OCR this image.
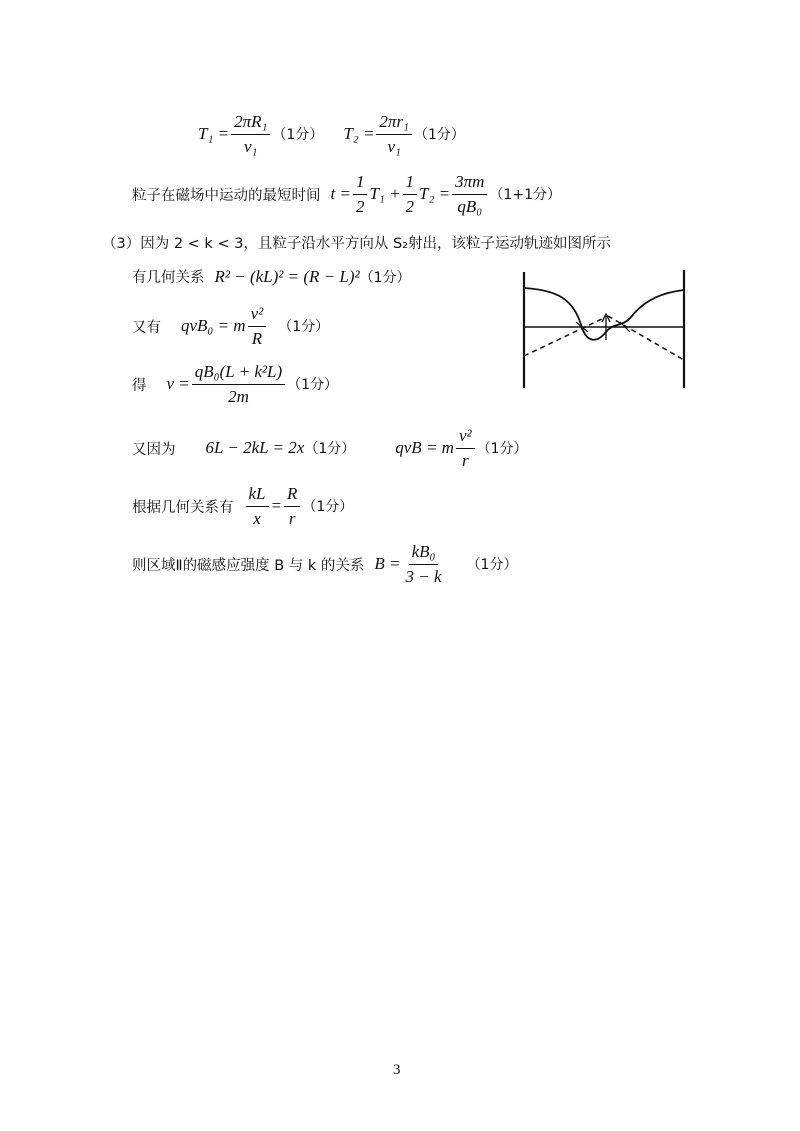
$T_1 = \frac{\text{2πR₁}}{\text{v₁}} (1$分） $T_2 = \frac{\text{2πr₁}}{\text{v₁}} (1$分）
粒子在磁场中运动的最短时间 $t = \frac{1}{2} T_1 + \frac{1}{2} T_2 = \frac{3\pi m}{\text{qB₀}} (1+1$分）
（3） 因为 2 < k < 3，且粒子沿水平方向从 S₂射出，该粒子运动轨迹如图所示
有几何关系 R² − (kL)² = (R − L)² （1分）
又有 qvB₀ = m $\frac{\text{v²}}{R} (1$分）
得 $v = \frac{\text{qB₀(L + k²L)}}{2m} (1$分）
又因为 6L − 2kL = 2x （1分） qvB = m $\frac{\text{v²}}{r} (1$分）
根据几何关系有 $\frac{kL}{x} = \frac{R}{r} (1$分）
则区域Ⅱ的磁感应强度 B 与 k 的关系 $B = \frac{\text{kB₀}}{3 - k} (1$分）
3
